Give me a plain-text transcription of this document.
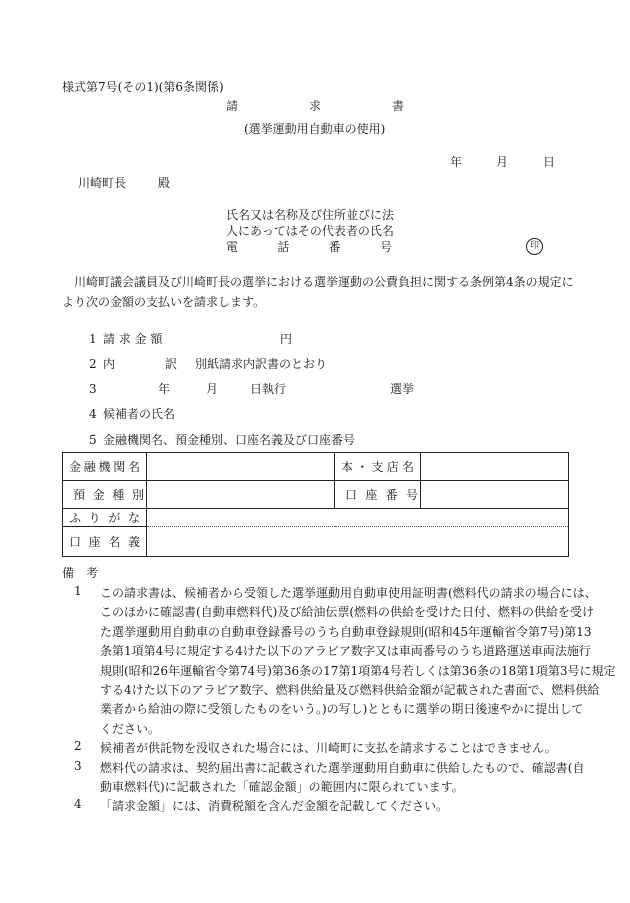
様式第7号(その1)(第6条関係)
請	求	書
(選挙運動用自動車の使用)
年	月	日
川崎町長	殿
氏名又は名称及び住所並びに法
人にあってはその代表者の氏名
電	話	番	号	印
川崎町議会議員及び川崎町長の選挙における選挙運動の公費負担に関する条例第4条の規定に
より次の金額の支払いを請求します。
1 請 求 金 額	円
2 内	訳 別紙請求内訳書のとおり
3	年	月	日執行	選挙
4 候補者の氏名
5 金融機関名、預金種別、口座名義及び口座番号
金 融 機 関 名		本 ・ 支 店 名	

預 金 種 別		口 座 番 号	

ふ り が な			

口 座 名 義			

備　考
1	この請求書は、候補者から受領した選挙運動用自動車使用証明書(燃料代の請求の場合には、
このほかに確認書(自動車燃料代)及び給油伝票(燃料の供給を受けた日付、燃料の供給を受け
た選挙運動用自動車の自動車登録番号のうち自動車登録規則(昭和45年運輸省令第7号)第13
条第1項第4号に規定する4けた以下のアラビア数字又は車両番号のうち道路運送車両法施行
規則(昭和26年運輸省令第74号)第36条の17第1項第4号若しくは第36条の18第1項第3号に規定
する4けた以下のアラビア数字、燃料供給量及び燃料供給金額が記載された書面で、燃料供給
業者から給油の際に受領したものをいう。)の写し)とともに選挙の期日後速やかに提出して
ください。
2	候補者が供託物を没収された場合には、川崎町に支払を請求することはできません。
3	燃料代の請求は、契約届出書に記載された選挙運動用自動車に供給したもので、確認書(自
動車燃料代)に記載された「確認金額」の範囲内に限られています。
4	「請求金額」には、消費税額を含んだ金額を記載してください。
